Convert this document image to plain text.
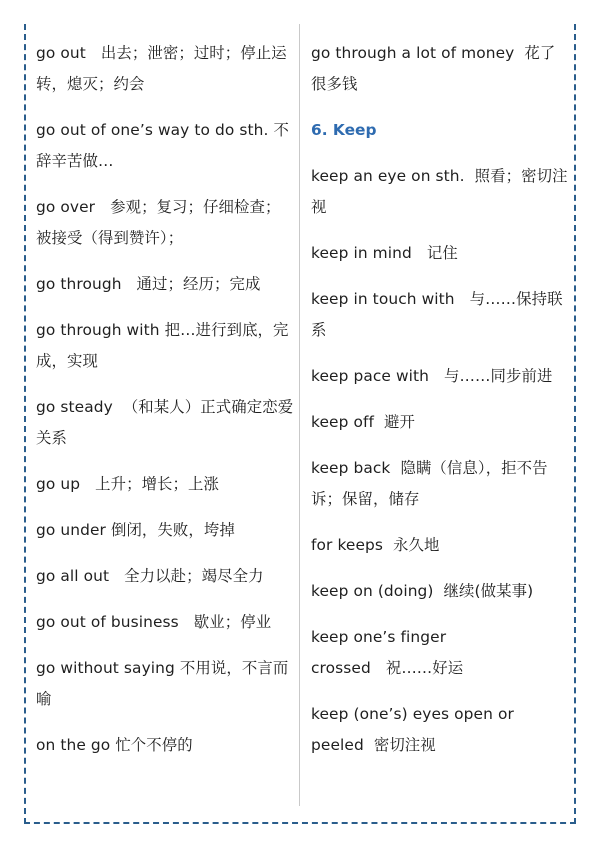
go out 出去；泄密；过时；停止运转，熄灭；约会

go out of one’s way to do sth. 不辞辛苦做…

go over 参观；复习；仔细检查；被接受（得到赞许）；

go through 通过；经历；完成

go through with 把…进行到底，完成，实现

go steady （和某人）正式确定恋爱关系

go up 上升；增长；上涨

go under 倒闭，失败，垮掉

go all out 全力以赴；竭尽全力

go out of business 歇业；停业

go without saying 不用说，不言而喻

on the go 忙个不停的

go through a lot of money 花了很多钱

6. Keep

keep an eye on sth. 照看；密切注视

keep in mind 记住

keep in touch with 与……保持联系

keep pace with 与……同步前进

keep off 避开

keep back 隐瞒（信息），拒不告诉；保留，储存

for keeps 永久地

keep on (doing) 继续(做某事)

keep one’s finger crossed 祝……好运

keep (one’s) eyes open or peeled 密切注视
